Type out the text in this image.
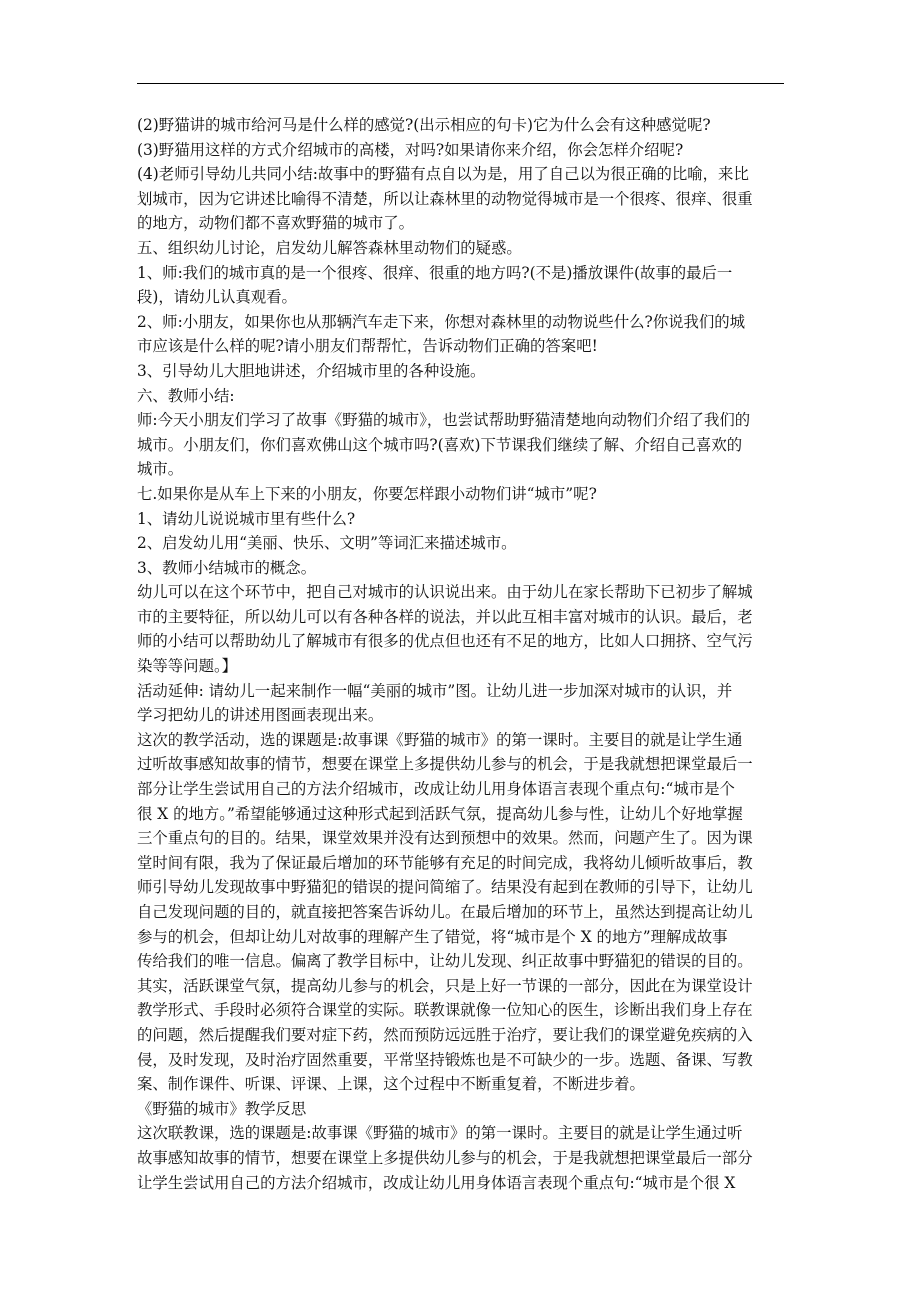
(2)野猫讲的城市给河马是什么样的感觉?(出示相应的句卡)它为什么会有这种感觉呢?
(3)野猫用这样的方式介绍城市的高楼，对吗?如果请你来介绍，你会怎样介绍呢?
(4)老师引导幼儿共同小结:故事中的野猫有点自以为是，用了自己以为很正确的比喻，来比
划城市，因为它讲述比喻得不清楚，所以让森林里的动物觉得城市是一个很疼、很痒、很重
的地方，动物们都不喜欢野猫的城市了。
五、组织幼儿讨论，启发幼儿解答森林里动物们的疑惑。
1、师:我们的城市真的是一个很疼、很痒、很重的地方吗?(不是)播放课件(故事的最后一
段)，请幼儿认真观看。
2、师:小朋友，如果你也从那辆汽车走下来，你想对森林里的动物说些什么?你说我们的城
市应该是什么样的呢?请小朋友们帮帮忙，告诉动物们正确的答案吧!
3、引导幼儿大胆地讲述，介绍城市里的各种设施。
六、教师小结:
师:今天小朋友们学习了故事《野猫的城市》，也尝试帮助野猫清楚地向动物们介绍了我们的
城市。小朋友们，你们喜欢佛山这个城市吗?(喜欢)下节课我们继续了解、介绍自己喜欢的
城市。
七.如果你是从车上下来的小朋友，你要怎样跟小动物们讲“城市”呢?
1、请幼儿说说城市里有些什么?
2、启发幼儿用“美丽、快乐、文明”等词汇来描述城市。
3、教师小结城市的概念。
幼儿可以在这个环节中，把自己对城市的认识说出来。由于幼儿在家长帮助下已初步了解城
市的主要特征，所以幼儿可以有各种各样的说法，并以此互相丰富对城市的认识。最后，老
师的小结可以帮助幼儿了解城市有很多的优点但也还有不足的地方，比如人口拥挤、空气污
染等等问题。】
活动延伸: 请幼儿一起来制作一幅“美丽的城市”图。让幼儿进一步加深对城市的认识，并
学习把幼儿的讲述用图画表现出来。
这次的教学活动，选的课题是:故事课《野猫的城市》的第一课时。主要目的就是让学生通
过听故事感知故事的情节，想要在课堂上多提供幼儿参与的机会，于是我就想把课堂最后一
部分让学生尝试用自己的方法介绍城市，改成让幼儿用身体语言表现个重点句:“城市是个
很 X 的地方。”希望能够通过这种形式起到活跃气氛，提高幼儿参与性，让幼儿个好地掌握
三个重点句的目的。结果，课堂效果并没有达到预想中的效果。然而，问题产生了。因为课
堂时间有限，我为了保证最后增加的环节能够有充足的时间完成，我将幼儿倾听故事后，教
师引导幼儿发现故事中野猫犯的错误的提问简缩了。结果没有起到在教师的引导下，让幼儿
自己发现问题的目的，就直接把答案告诉幼儿。在最后增加的环节上，虽然达到提高让幼儿
参与的机会，但却让幼儿对故事的理解产生了错觉，将“城市是个 X 的地方”理解成故事
传给我们的唯一信息。偏离了教学目标中，让幼儿发现、纠正故事中野猫犯的错误的目的。
其实，活跃课堂气氛，提高幼儿参与的机会，只是上好一节课的一部分，因此在为课堂设计
教学形式、手段时必须符合课堂的实际。联教课就像一位知心的医生，诊断出我们身上存在
的问题，然后提醒我们要对症下药，然而预防远远胜于治疗，要让我们的课堂避免疾病的入
侵，及时发现，及时治疗固然重要，平常坚持锻炼也是不可缺少的一步。选题、备课、写教
案、制作课件、听课、评课、上课，这个过程中不断重复着，不断进步着。
《野猫的城市》教学反思
这次联教课，选的课题是:故事课《野猫的城市》的第一课时。主要目的就是让学生通过听
故事感知故事的情节，想要在课堂上多提供幼儿参与的机会，于是我就想把课堂最后一部分
让学生尝试用自己的方法介绍城市，改成让幼儿用身体语言表现个重点句:“城市是个很 X
